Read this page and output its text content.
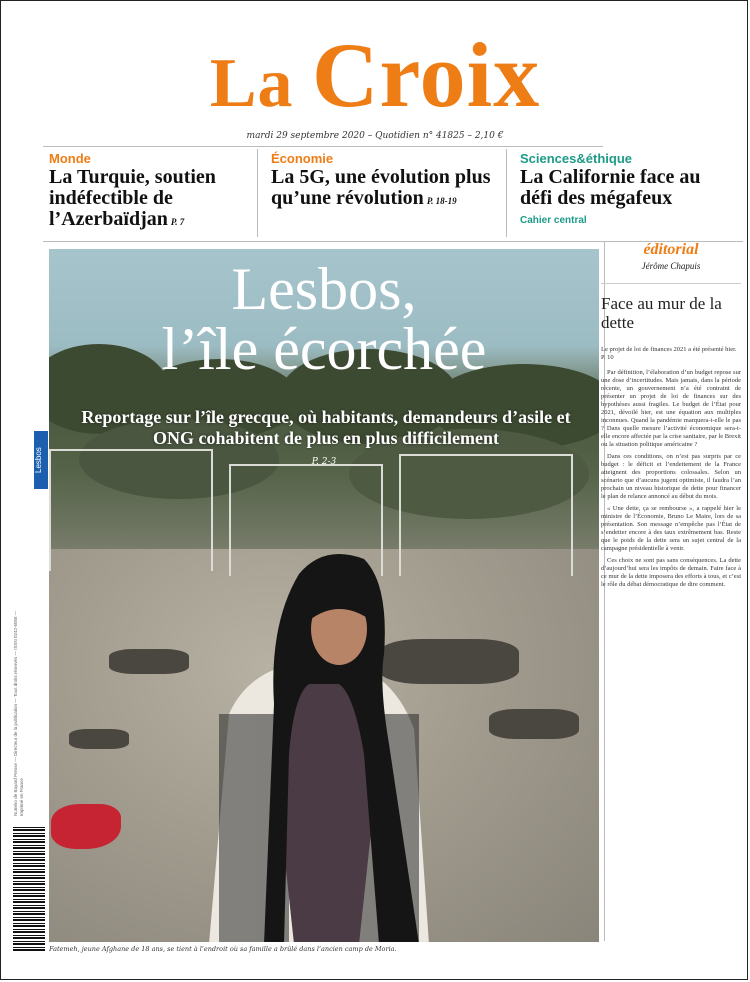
La Croix
mardi 29 septembre 2020 – Quotidien n° 41825 – 2,10 €
Monde
La Turquie, soutien indéfectible de l’Azerbaïdjan P. 7
Économie
La 5G, une évolution plus qu’une révolution P. 18-19
Sciences&éthique
La Californie face au défi des mégafeux
Cahier central
Lesbos
Numéro de Bayard Presse — Directeur de la publication — Tous droits réservés — ISSN 0242-6056 — Imprimé en France
Lesbos,
l’île écorchée
Reportage sur l’île grecque, où habitants, demandeurs d’asile et ONG cohabitent de plus en plus difficilement
P. 2-3
Fatemeh, jeune Afghane de 18 ans, se tient à l’endroit où sa famille a brûlé dans l’ancien camp de Moria.
éditorial
Jérôme Chapuis
Face au mur de la dette
Le projet de loi de finances 2021 a été présenté hier. P. 10

Par définition, l’élaboration d’un budget repose sur une dose d’incertitudes. Mais jamais, dans la période récente, un gouvernement n’a été contraint de présenter un projet de loi de finances sur des hypothèses aussi fragiles. Le budget de l’État pour 2021, dévoilé hier, est une équation aux multiples inconnues. Quand la pandémie marquera-t-elle le pas ? Dans quelle mesure l’activité économique sera-t-elle encore affectée par la crise sanitaire, par le Brexit ou la situation politique américaine ?

Dans ces conditions, on n’est pas surpris par ce budget : le déficit et l’endettement de la France atteignent des proportions colossales. Selon un scénario que d’aucuns jugent optimiste, il faudra l’an prochain un niveau historique de dette pour financer le plan de relance annoncé au début du mois.

« Une dette, ça se rembourse », a rappelé hier le ministre de l’Économie, Bruno Le Maire, lors de sa présentation. Son message n’empêche pas l’État de s’endetter encore à des taux extrêmement bas. Reste que le poids de la dette sera un sujet central de la campagne présidentielle à venir.

Ces choix ne sont pas sans conséquences. La dette d’aujourd’hui sera les impôts de demain. Faire face à ce mur de la dette imposera des efforts à tous, et c’est le rôle du débat démocratique de dire comment.
